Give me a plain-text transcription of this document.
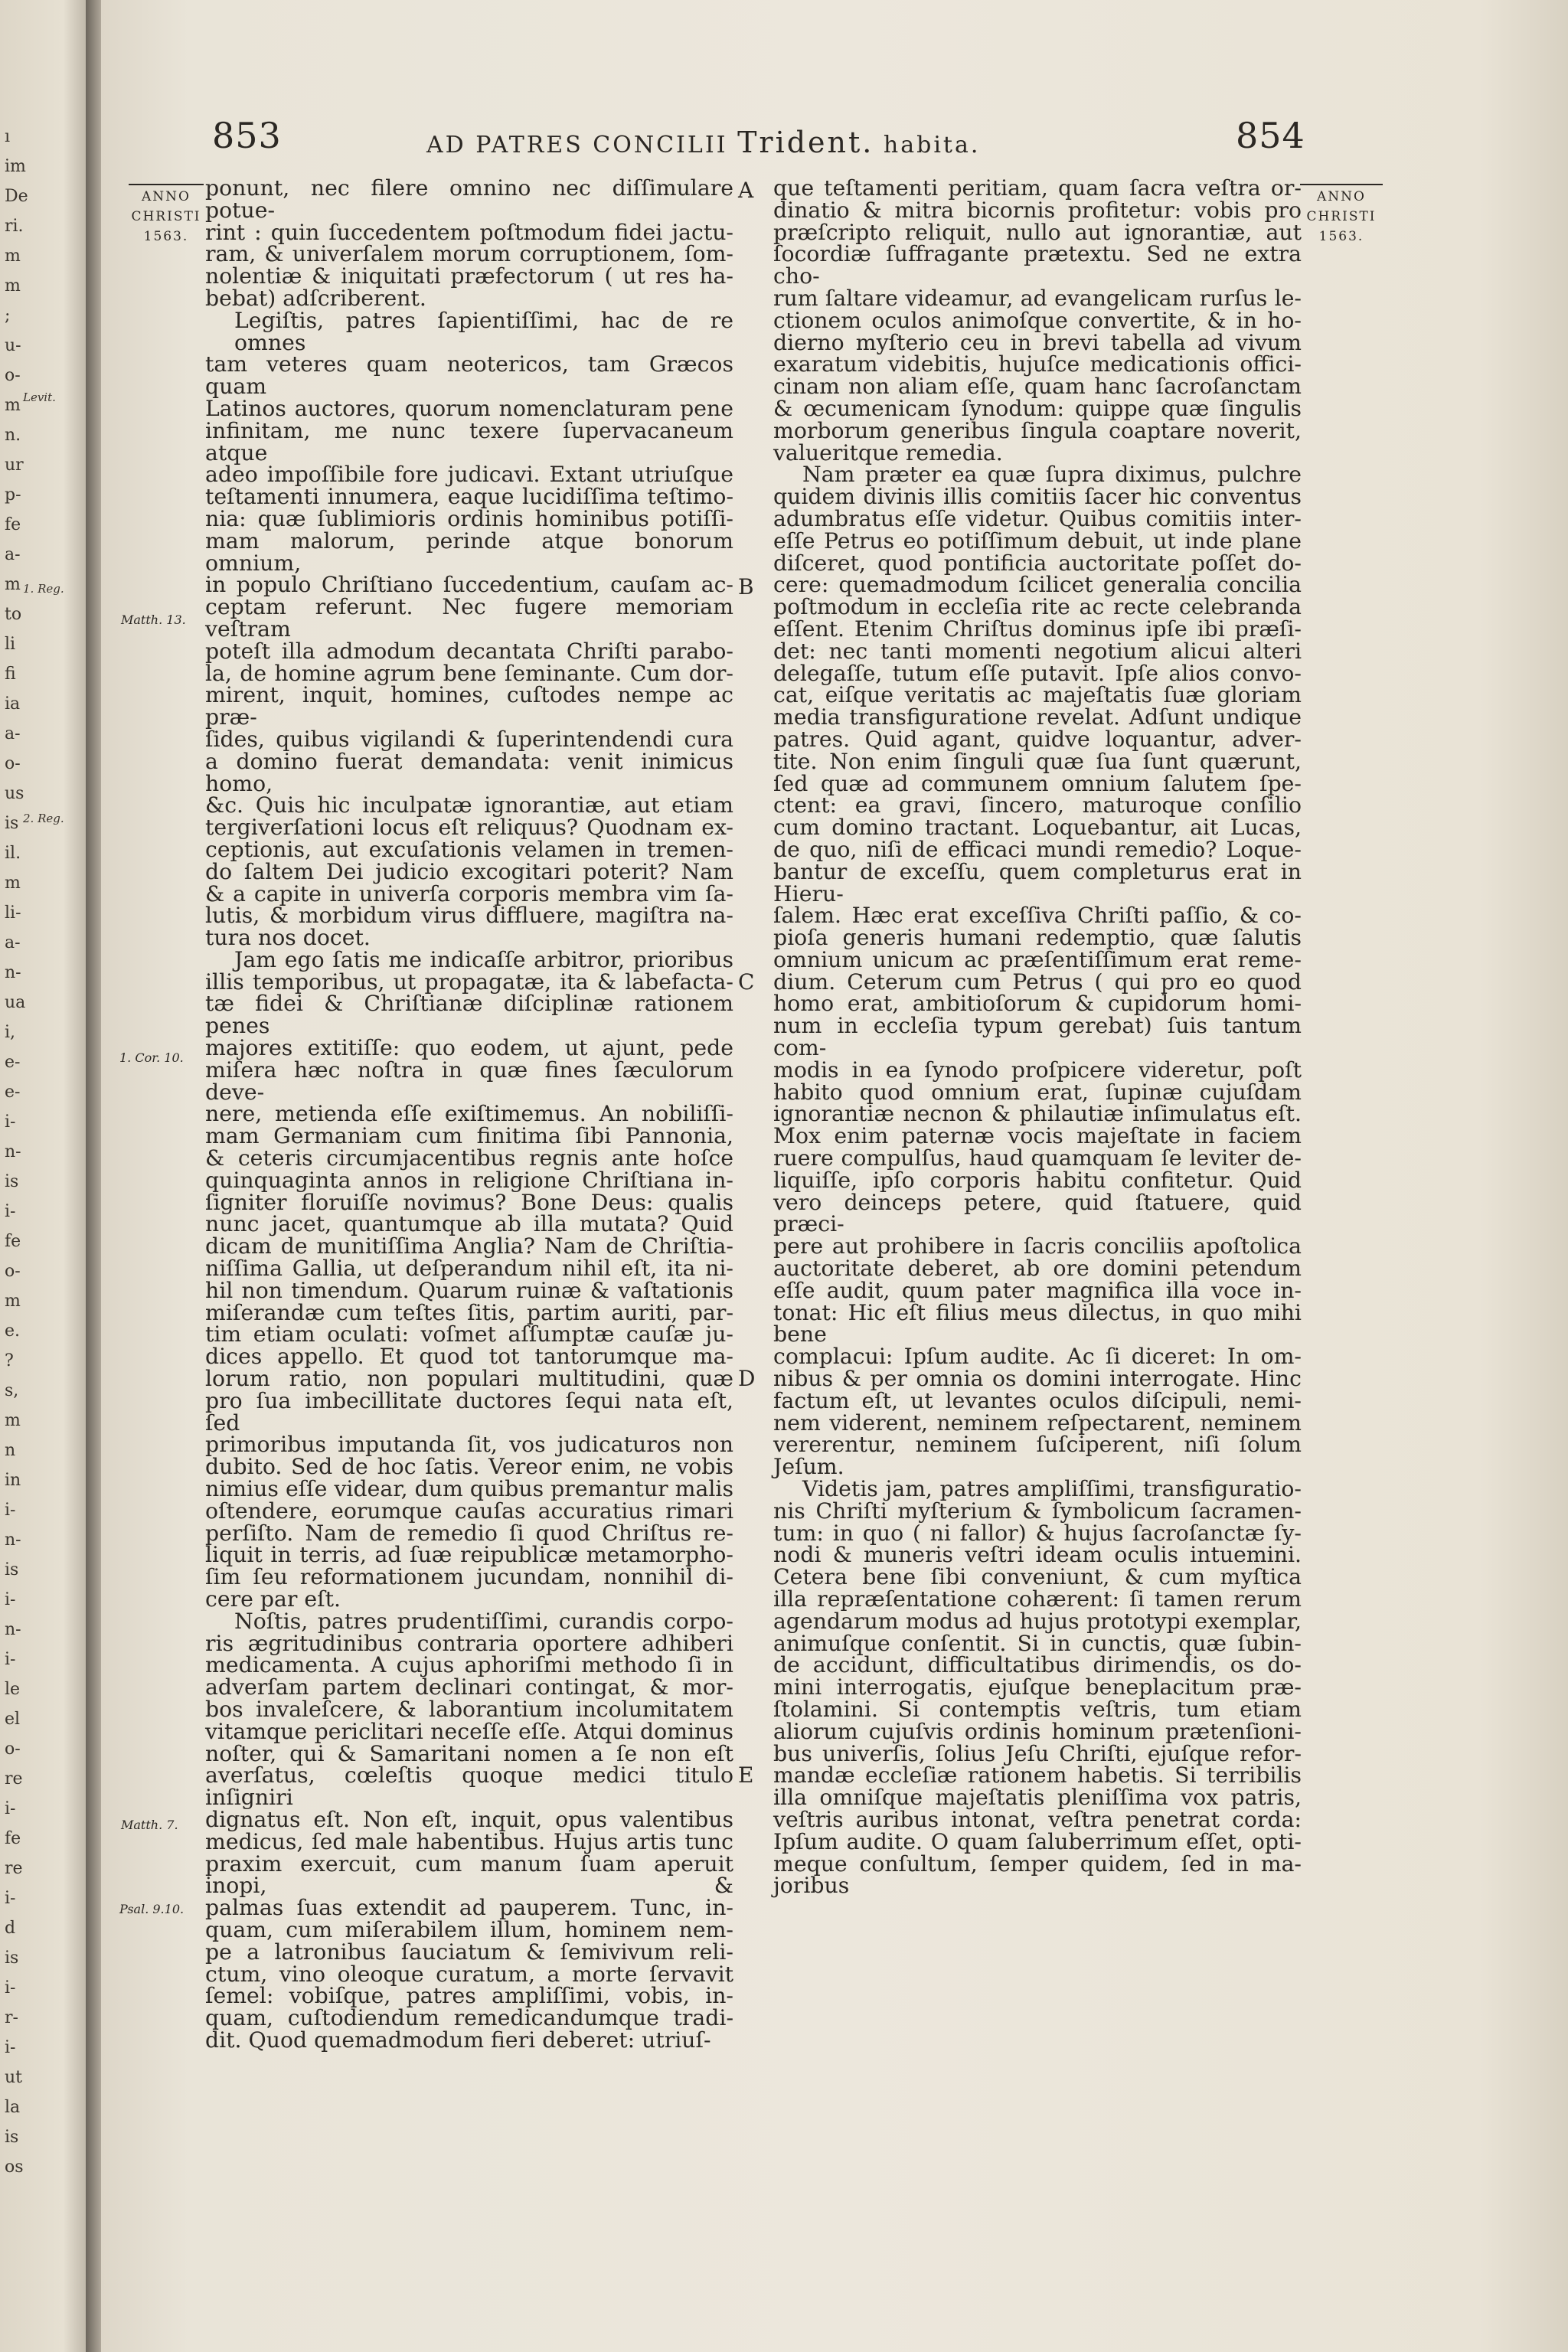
ı
im
De
ri.
m
m
;
u-
o-
m
n.
ur
p-
fe
a-
m
to
li
fi
ia
a-
o-
us
is
il.
m
li-
a-
n-
ua
i,
e-
e-
i-
n-
is
i-
fe
o-
m
e.
?
s,
m
n
in
i-
n-
is
i-
n-
i-
le
el
o-
re
i-
fe
re
i-
d
is
i-
r-
i-
ut
la
is
os
Levit.
1. Reg.
2. Reg.
853	AD PATRES CONCILII Trident. habita.	854
ANNO
CHRISTI
1563.
ANNO
CHRISTI
1563.
Matth. 13.
1. Cor. 10.
Matth. 7.
Psal. 9.10.
A
B
C
D
E
ponunt, nec filere omnino nec diſſimulare potue-
rint : quin ſuccedentem poſtmodum fidei jactu-
ram, & univerſalem morum corruptionem, ſom-
nolentiæ & iniquitati præfectorum ( ut res ha-
bebat) adſcriberent.
Legiſtis, patres ſapientiſſimi, hac de re omnes
tam veteres quam neotericos, tam Græcos quam
Latinos auctores, quorum nomenclaturam pene
infinitam, me nunc texere ſupervacaneum atque
adeo impoſſibile fore judicavi. Extant utriuſque
teſtamenti innumera, eaque lucidiſſima teſtimo-
nia: quæ ſublimioris ordinis hominibus potiſſi-
mam malorum, perinde atque bonorum omnium,
in populo Chriſtiano ſuccedentium, cauſam ac-
ceptam referunt. Nec fugere memoriam veſtram
poteſt illa admodum decantata Chriſti parabo-
la, de homine agrum bene ſeminante. Cum dor-
mirent, inquit, homines, cuſtodes nempe ac præ-
ſides, quibus vigilandi & ſuperintendendi cura
a domino fuerat demandata: venit inimicus homo,
&c. Quis hic inculpatæ ignorantiæ, aut etiam
tergiverſationi locus eſt reliquus? Quodnam ex-
ceptionis, aut excuſationis velamen in tremen-
do ſaltem Dei judicio excogitari poterit? Nam
& a capite in univerſa corporis membra vim ſa-
lutis, & morbidum virus diffluere, magiſtra na-
tura nos docet.
Jam ego ſatis me indicaſſe arbitror, prioribus
illis temporibus, ut propagatæ, ita & labefacta-
tæ fidei & Chriſtianæ diſciplinæ rationem penes
majores extitiſſe: quo eodem, ut ajunt, pede
miſera hæc noſtra in quæ fines ſæculorum deve-
nere, metienda eſſe exiſtimemus. An nobiliſſi-
mam Germaniam cum finitima ſibi Pannonia,
& ceteris circumjacentibus regnis ante hoſce
quinquaginta annos in religione Chriſtiana in-
ſigniter floruiſſe novimus? Bone Deus: qualis
nunc jacet, quantumque ab illa mutata? Quid
dicam de munitiſſima Anglia? Nam de Chriſtia-
niſſima Gallia, ut deſperandum nihil eſt, ita ni-
hil non timendum. Quarum ruinæ & vaſtationis
miſerandæ cum teſtes ſitis, partim auriti, par-
tim etiam oculati: voſmet aſſumptæ cauſæ ju-
dices appello. Et quod tot tantorumque ma-
lorum ratio, non populari multitudini, quæ
pro ſua imbecillitate ductores ſequi nata eſt, ſed
primoribus imputanda ſit, vos judicaturos non
dubito. Sed de hoc ſatis. Vereor enim, ne vobis
nimius eſſe videar, dum quibus premantur malis
oſtendere, eorumque cauſas accuratius rimari
perſiſto. Nam de remedio ſi quod Chriſtus re-
liquit in terris, ad ſuæ reipublicæ metamorpho-
ſim ſeu reformationem jucundam, nonnihil di-
cere par eſt.
Noſtis, patres prudentiſſimi, curandis corpo-
ris ægritudinibus contraria oportere adhiberi
medicamenta. A cujus aphoriſmi methodo ſi in
adverſam partem declinari contingat, & mor-
bos invaleſcere, & laborantium incolumitatem
vitamque periclitari neceſſe eſſe. Atqui dominus
noſter, qui & Samaritani nomen a ſe non eſt
averſatus, cœleſtis quoque medici titulo inſigniri
dignatus eſt. Non eſt, inquit, opus valentibus
medicus, ſed male habentibus. Hujus artis tunc
praxim exercuit, cum manum ſuam aperuit inopi, &
palmas ſuas extendit ad pauperem. Tunc, in-
quam, cum miſerabilem illum, hominem nem-
pe a latronibus ſauciatum & ſemivivum reli-
ctum, vino oleoque curatum, a morte ſervavit
ſemel: vobiſque, patres ampliſſimi, vobis, in-
quam, cuſtodiendum remedicandumque tradi-
dit. Quod quemadmodum fieri deberet: utriuſ-
que teſtamenti peritiam, quam ſacra veſtra or-
dinatio & mitra bicornis profitetur: vobis pro
præſcripto reliquit, nullo aut ignorantiæ, aut
ſocordiæ ſuffragante prætextu. Sed ne extra cho-
rum ſaltare videamur, ad evangelicam rurſus le-
ctionem oculos animoſque convertite, & in ho-
dierno myſterio ceu in brevi tabella ad vivum
exaratum videbitis, hujuſce medicationis offici-
cinam non aliam eſſe, quam hanc ſacroſanctam
& œcumenicam ſynodum: quippe quæ ſingulis
morborum generibus ſingula coaptare noverit,
valueritque remedia.
Nam præter ea quæ ſupra diximus, pulchre
quidem divinis illis comitiis ſacer hic conventus
adumbratus eſſe videtur. Quibus comitiis inter-
eſſe Petrus eo potiſſimum debuit, ut inde plane
diſceret, quod pontificia auctoritate poſſet do-
cere: quemadmodum ſcilicet generalia concilia
poſtmodum in eccleſia rite ac recte celebranda
eſſent. Etenim Chriſtus dominus ipſe ibi præſi-
det: nec tanti momenti negotium alicui alteri
delegaſſe, tutum eſſe putavit. Ipſe alios convo-
cat, eiſque veritatis ac majeſtatis ſuæ gloriam
media transfiguratione revelat. Adſunt undique
patres. Quid agant, quidve loquantur, adver-
tite. Non enim ſinguli quæ ſua ſunt quærunt,
ſed quæ ad communem omnium ſalutem ſpe-
ctent: ea gravi, ſincero, maturoque conſilio
cum domino tractant. Loquebantur, ait Lucas,
de quo, niſi de efficaci mundi remedio? Loque-
bantur de exceſſu, quem completurus erat in Hieru-
ſalem. Hæc erat exceſſiva Chriſti paſſio, & co-
pioſa generis humani redemptio, quæ ſalutis
omnium unicum ac præſentiſſimum erat reme-
dium. Ceterum cum Petrus ( qui pro eo quod
homo erat, ambitioſorum & cupidorum homi-
num in eccleſia typum gerebat) ſuis tantum com-
modis in ea ſynodo proſpicere videretur, poſt
habito quod omnium erat, ſupinæ cujuſdam
ignorantiæ necnon & philautiæ inſimulatus eſt.
Mox enim paternæ vocis majeſtate in faciem
ruere compulſus, haud quamquam ſe leviter de-
liquiſſe, ipſo corporis habitu confitetur. Quid
vero deinceps petere, quid ſtatuere, quid præci-
pere aut prohibere in ſacris conciliis apoſtolica
auctoritate deberet, ab ore domini petendum
eſſe audit, quum pater magnifica illa voce in-
tonat: Hic eſt filius meus dilectus, in quo mihi bene
complacui: Ipſum audite. Ac ſi diceret: In om-
nibus & per omnia os domini interrogate. Hinc
factum eſt, ut levantes oculos diſcipuli, nemi-
nem viderent, neminem reſpectarent, neminem
vererentur, neminem ſuſciperent, niſi ſolum
Jeſum.
Videtis jam, patres ampliſſimi, transfiguratio-
nis Chriſti myſterium & ſymbolicum ſacramen-
tum: in quo ( ni fallor) & hujus ſacroſanctæ ſy-
nodi & muneris veſtri ideam oculis intuemini.
Cetera bene ſibi conveniunt, & cum myſtica
illa repræſentatione cohærent: ſi tamen rerum
agendarum modus ad hujus prototypi exemplar,
animuſque conſentit. Si in cunctis, quæ ſubin-
de accidunt, difficultatibus dirimendis, os do-
mini interrogatis, ejuſque beneplacitum præ-
ſtolamini. Si contemptis veſtris, tum etiam
aliorum cujuſvis ordinis hominum prætenſioni-
bus univerſis, ſolius Jeſu Chriſti, ejuſque refor-
mandæ eccleſiæ rationem habetis. Si terribilis
illa omniſque majeſtatis pleniſſima vox patris,
veſtris auribus intonat, veſtra penetrat corda:
Ipſum audite. O quam ſaluberrimum eſſet, opti-
meque conſultum, ſemper quidem, ſed in ma-
joribus
